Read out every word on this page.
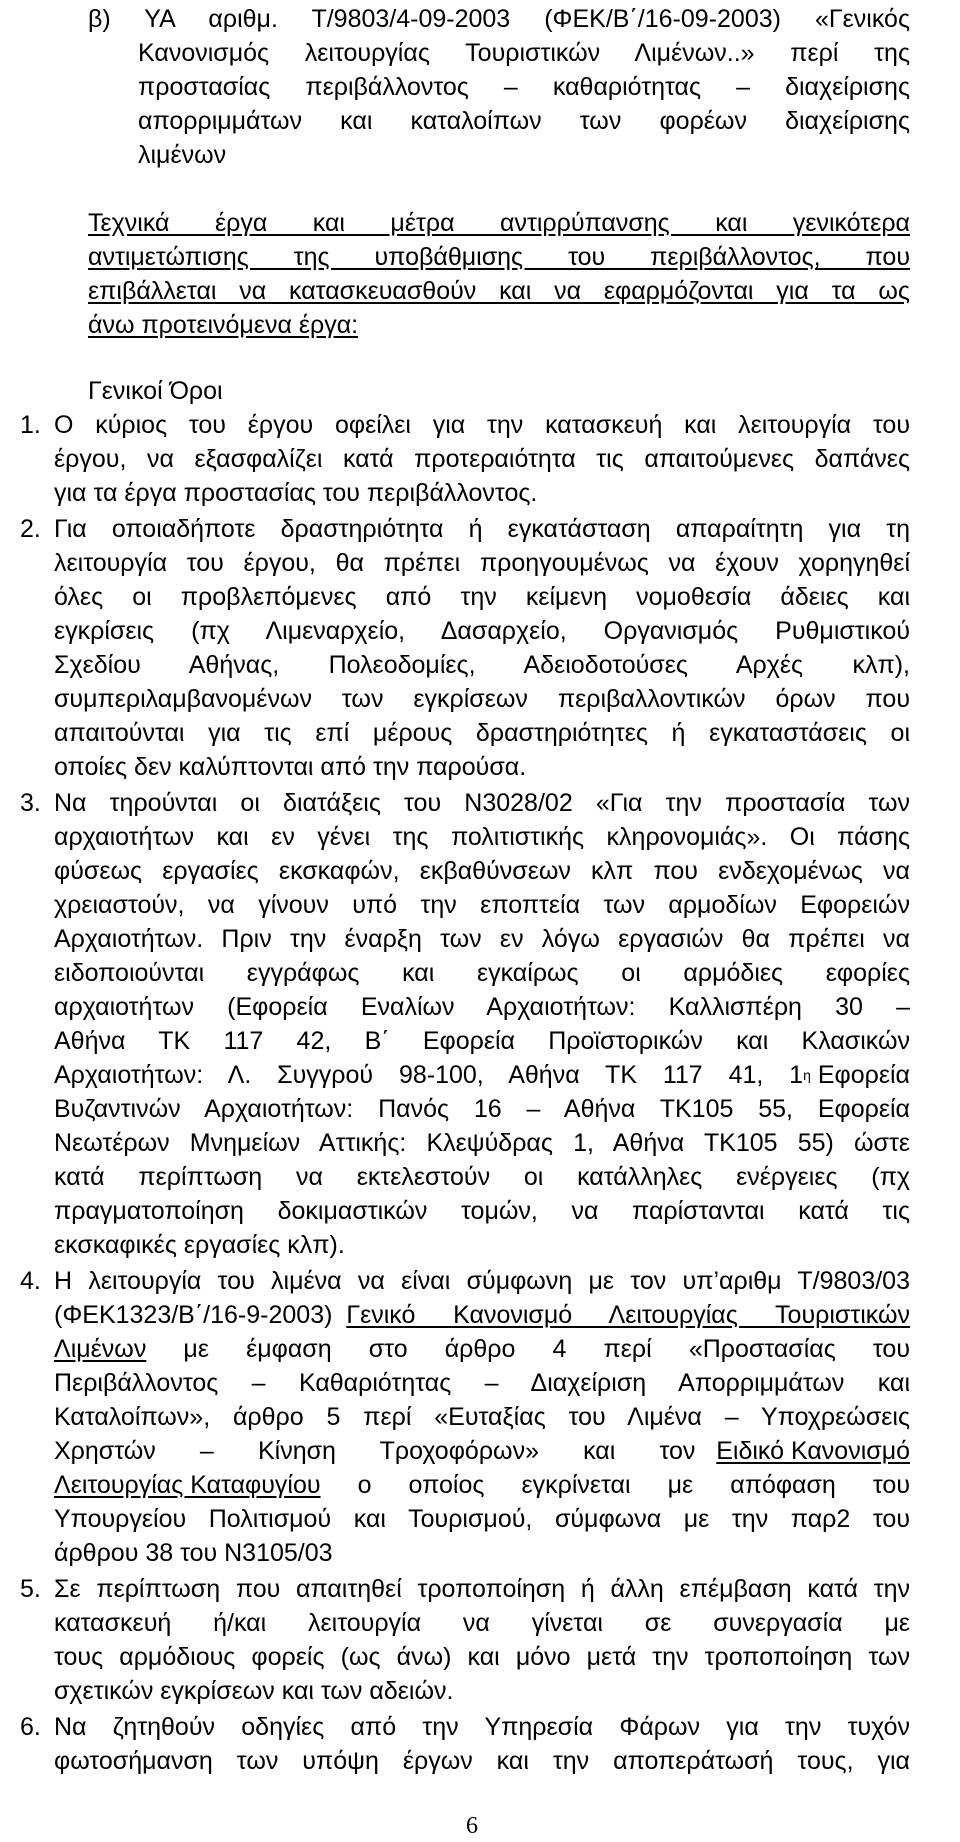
β) ΥΑ αριθμ. Τ/9803/4-09-2003 (ΦΕΚ/Β΄/16-09-2003) «Γενικός
Κανονισμός λειτουργίας Τουριστικών Λιμένων..» περί της
προστασίας περιβάλλοντος – καθαριότητας – διαχείρισης
απορριμμάτων και καταλοίπων των φορέων διαχείρισης
λιμένων
Τεχνικά έργα και μέτρα αντιρρύπανσης και γενικότερα
αντιμετώπισης της υποβάθμισης του περιβάλλοντος, που
επιβάλλεται να κατασκευασθούν και να εφαρμόζονται για τα ως
άνω προτεινόμενα έργα:
Γενικοί Όροι
1. Ο κύριος του έργου οφείλει για την κατασκευή και λειτουργία του
έργου, να εξασφαλίζει κατά προτεραιότητα τις απαιτούμενες δαπάνες
για τα έργα προστασίας του περιβάλλοντος.
2. Για οποιαδήποτε δραστηριότητα ή εγκατάσταση απαραίτητη για τη
λειτουργία του έργου, θα πρέπει προηγουμένως να έχουν χορηγηθεί
όλες οι προβλεπόμενες από την κείμενη νομοθεσία άδειες και
εγκρίσεις (πχ Λιμεναρχείο, Δασαρχείο, Οργανισμός Ρυθμιστικού
Σχεδίου Αθήνας, Πολεοδομίες, Αδειοδοτούσες Αρχές κλπ),
συμπεριλαμβανομένων των εγκρίσεων περιβαλλοντικών όρων που
απαιτούνται για τις επί μέρους δραστηριότητες ή εγκαταστάσεις οι
οποίες δεν καλύπτονται από την παρούσα.
3. Να τηρούνται οι διατάξεις του Ν3028/02 «Για την προστασία των
αρχαιοτήτων και εν γένει της πολιτιστικής κληρονομιάς». Οι πάσης
φύσεως εργασίες εκσκαφών, εκβαθύνσεων κλπ που ενδεχομένως να
χρειαστούν, να γίνουν υπό την εποπτεία των αρμοδίων Εφορειών
Αρχαιοτήτων. Πριν την έναρξη των εν λόγω εργασιών θα πρέπει να
ειδοποιούνται εγγράφως και εγκαίρως οι αρμόδιες εφορίες
αρχαιοτήτων (Εφορεία Εναλίων Αρχαιοτήτων: Καλλισπέρη 30 –
Αθήνα ΤΚ 117 42, Β΄ Εφορεία Προϊστορικών και Κλασικών
Αρχαιοτήτων: Λ. Συγγρού 98-100, Αθήνα ΤΚ 117 41, 1 η Εφορεία
Βυζαντινών Αρχαιοτήτων: Πανός 16 – Αθήνα ΤΚ105 55, Εφορεία
Νεωτέρων Μνημείων Αττικής: Κλεψύδρας 1, Αθήνα ΤΚ105 55) ώστε
κατά περίπτωση να εκτελεστούν οι κατάλληλες ενέργειες (πχ
πραγματοποίηση δοκιμαστικών τομών, να παρίστανται κατά τις
εκσκαφικές εργασίες κλπ).
4. Η λειτουργία του λιμένα να είναι σύμφωνη με τον υπ’αριθμ Τ/9803/03
(ΦΕΚ1323/Β΄/16-9-2003) Γενικό Κανονισμό Λειτουργίας Τουριστικών
Λιμένων με  έμφαση  στο  άρθρο  4  περί  «Προστασίας  του
Περιβάλλοντος – Καθαριότητας – Διαχείριση Απορριμμάτων και
Καταλοίπων», άρθρο 5 περί «Ευταξίας του Λιμένα – Υποχρεώσεις
Χρηστών   –   Κίνηση   Τροχοφόρων»   και   τον Ειδικό Κανονισμό
Λειτουργίας Καταφυγίου ο  οποίος  εγκρίνεται  με  απόφαση  του
Υπουργείου Πολιτισμού και Τουρισμού, σύμφωνα με την παρ2 του
άρθρου 38 του Ν3105/03
5. Σε περίπτωση που απαιτηθεί τροποποίηση ή άλλη επέμβαση κατά την
κατασκευή ή/και λειτουργία να γίνεται σε συνεργασία με
τους αρμόδιους φορείς (ως άνω) και μόνο μετά την τροποποίηση των
σχετικών εγκρίσεων και των αδειών.
6. Να ζητηθούν οδηγίες από την Υπηρεσία Φάρων για την τυχόν
φωτοσήμανση των υπόψη έργων και την αποπεράτωσή τους, για
6
